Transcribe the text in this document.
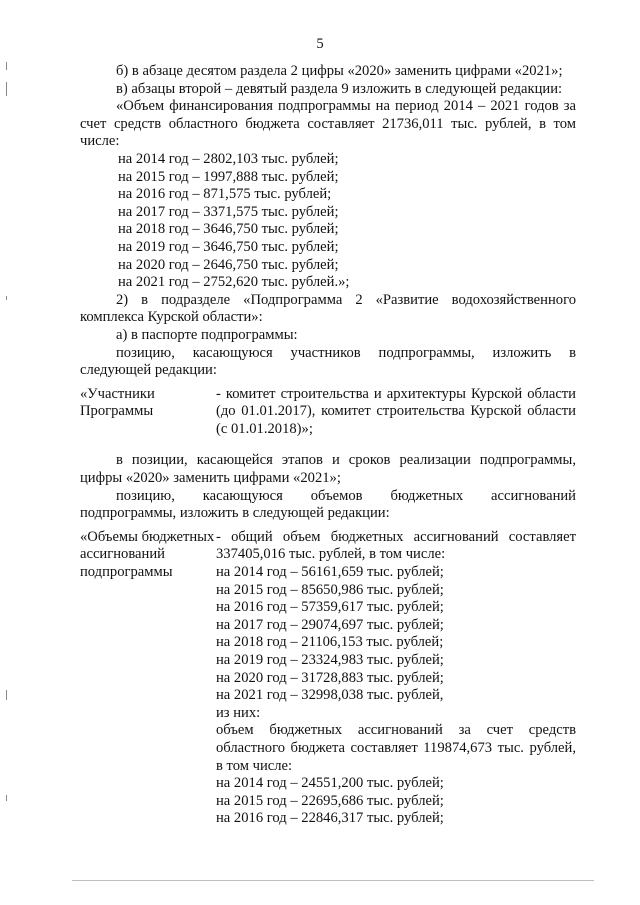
5

б) в абзаце десятом раздела 2 цифры «2020» заменить цифрами «2021»;

в) абзацы второй – девятый раздела 9 изложить в следующей редакции:

«Объем финансирования подпрограммы на период 2014 – 2021 годов за счет средств областного бюджета составляет 21736,011 тыс. рублей, в том числе:

на 2014 год – 2802,103 тыс. рублей;

на 2015 год – 1997,888 тыс. рублей;

на 2016 год – 871,575 тыс. рублей;

на 2017 год – 3371,575 тыс. рублей;

на 2018 год – 3646,750 тыс. рублей;

на 2019 год – 3646,750 тыс. рублей;

на 2020 год – 2646,750 тыс. рублей;

на 2021 год – 2752,620 тыс. рублей.»;

2) в подразделе «Подпрограмма 2 «Развитие водохозяйственного комплекса Курской области»:

а) в паспорте подпрограммы:

позицию, касающуюся участников подпрограммы, изложить в следующей редакции:

«Участники Программы
- комитет строительства и архитектуры Курской области (до 01.01.2017), комитет строительства Курской области (с 01.01.2018)»;

в позиции, касающейся этапов и сроков реализации подпрограммы, цифры «2020» заменить цифрами «2021»;

позицию, касающуюся объемов бюджетных ассигнований подпрограммы, изложить в следующей редакции:

«Объемы бюджетных ассигнований подпрограммы

- общий объем бюджетных ассигнований составляет 337405,016 тыс. рублей, в том числе:

на 2014 год – 56161,659 тыс. рублей;

на 2015 год – 85650,986 тыс. рублей;

на 2016 год – 57359,617 тыс. рублей;

на 2017 год – 29074,697 тыс. рублей;

на 2018 год – 21106,153 тыс. рублей;

на 2019 год – 23324,983 тыс. рублей;

на 2020 год – 31728,883 тыс. рублей;

на 2021 год – 32998,038 тыс. рублей,

из них:

объем бюджетных ассигнований за счет средств областного бюджета составляет 119874,673 тыс. рублей, в том числе:

на 2014 год – 24551,200 тыс. рублей;

на 2015 год – 22695,686 тыс. рублей;

на 2016 год – 22846,317 тыс. рублей;
